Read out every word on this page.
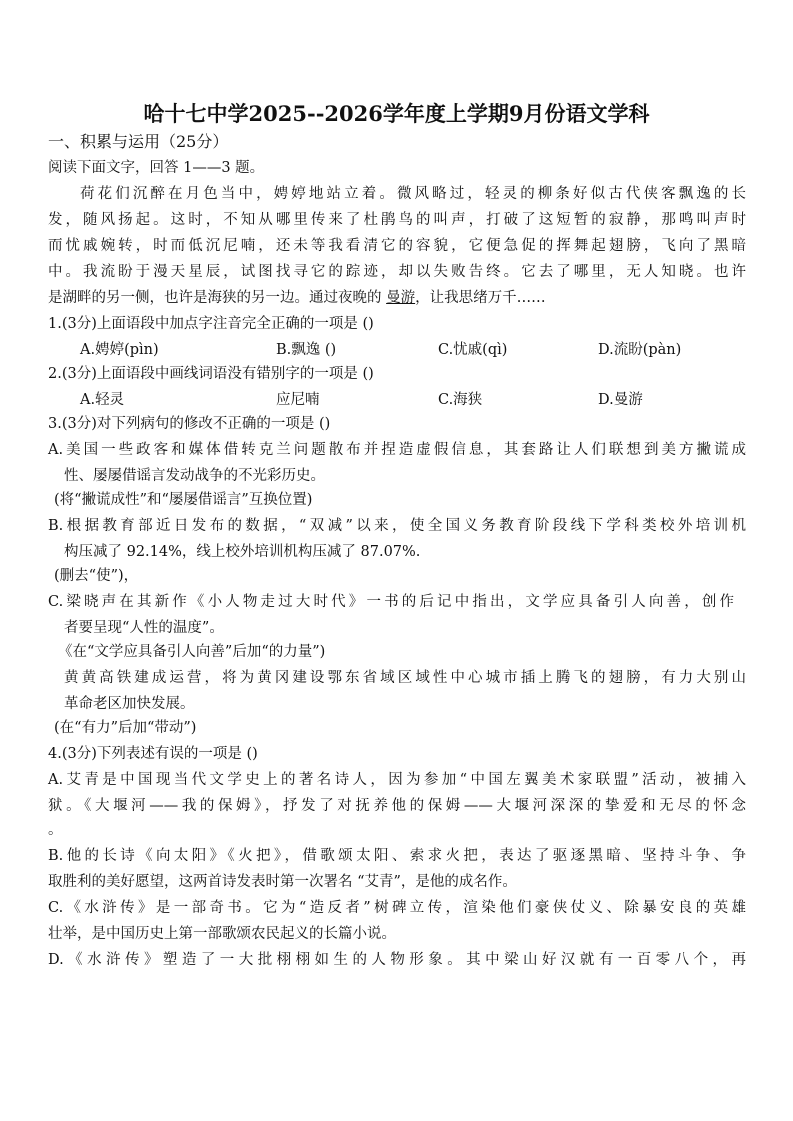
哈十七中学2025--2026学年度上学期9月份语文学科
一、积累与运用（25分）
阅读下面文字，回答 1——3 题。
荷花们沉醉在月色当中，娉婷地站立着。微风略过，轻灵的柳条好似古代侠客飘逸的长
发，随风扬起。这时，不知从哪里传来了杜鹃鸟的叫声，打破了这短暂的寂静，那鸣叫声时
而忧戚婉转，时而低沉尼喃，还未等我看清它的容貌，它便急促的挥舞起翅膀，飞向了黑暗
中。我流盼于漫天星辰，试图找寻它的踪迹，却以失败告终。它去了哪里，无人知晓。也许
是湖畔的另一侧，也许是海狭的另一边。通过夜晚的 曼游，让我思绪万千……
1.(3分)上面语段中加点字注音完全正确的一项是 ()
A.娉婷(pìn)	B.飘逸 ()	C.忧戚(qì)	D.流盼(pàn)
2.(3分)上面语段中画线词语没有错别字的一项是 ()
A.轻灵	应尼喃	C.海狭	D.曼游
3.(3分)对下列病句的修改不正确的一项是 ()
A.美国一些政客和媒体借转克兰问题散布并捏造虚假信息，其套路让人们联想到美方撇谎成
性、屡屡借谣言发动战争的不光彩历史。
(将“撇谎成性”和“屡屡借谣言”互换位置)
B.根据教育部近日发布的数据，“双减”以来，使全国义务教育阶段线下学科类校外培训机
构压减了 92.14%，线上校外培训机构压减了 87.07%.
(删去“使”)，
C.梁晓声在其新作《小人物走过大时代》一书的后记中指出，文学应具备引人向善，创作
者要呈现“人性的温度”。
《在“文学应具备引人向善”后加“的力量”)
黄黄高铁建成运营，将为黄冈建设鄂东省域区域性中心城市插上腾飞的翅膀，有力大别山
革命老区加快发展。
(在“有力”后加“带动”)
4.(3分)下列表述有误的一项是 ()
A.艾青是中国现当代文学史上的著名诗人，因为参加“中国左翼美术家联盟”活动，被捕入
狱。《大堰河——我的保姆》，抒发了对抚养他的保姆——大堰河深深的挚爱和无尽的怀念
。
B.他的长诗《向太阳》《火把》，借歌颂太阳、索求火把，表达了驱逐黑暗、坚持斗争、争
取胜利的美好愿望，这两首诗发表时第一次署名 “艾青”，是他的成名作。
C.《水浒传》是一部奇书。它为“造反者”树碑立传，渲染他们豪侠仗义、除暴安良的英雄
壮举，是中国历史上第一部歌颂农民起义的长篇小说。
D.《水浒传》塑造了一大批栩栩如生的人物形象。其中梁山好汉就有一百零八个，再
